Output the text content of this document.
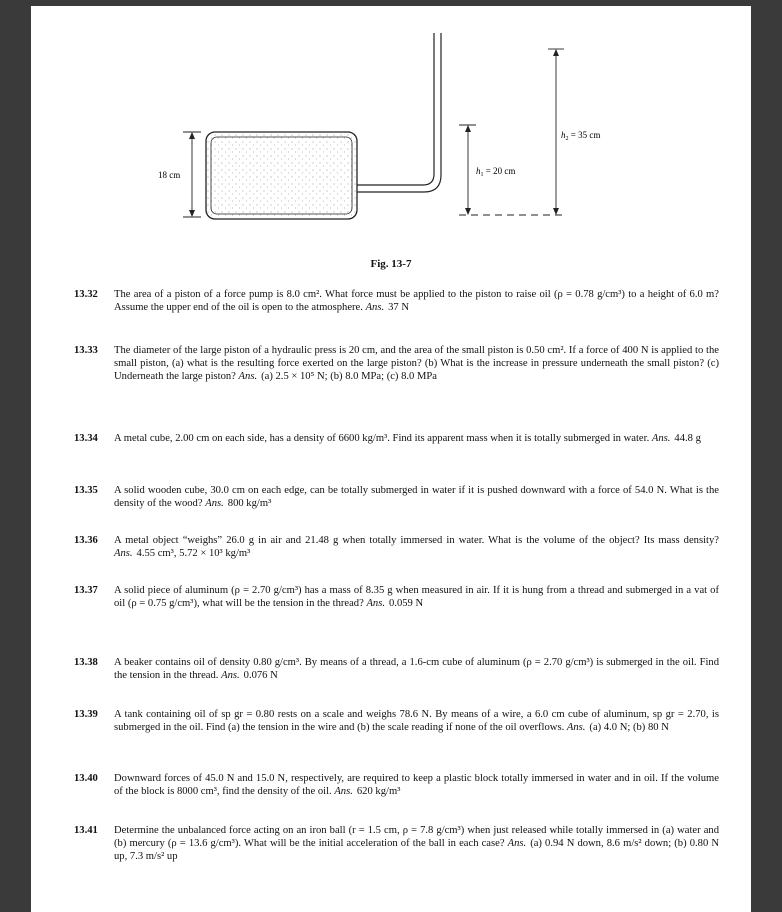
18 cm	$h_1 = 20$ cm
$h_2 = 35$ cm
Fig. 13-7
13.32 The area of a piston of a force pump is 8.0 cm². What force must be applied to the piston to raise oil (ρ = 0.78 g/cm³) to a height of 6.0 m? Assume the upper end of the oil is open to the atmosphere. Ans. 37 N
13.33 The diameter of the large piston of a hydraulic press is 20 cm, and the area of the small piston is 0.50 cm². If a force of 400 N is applied to the small piston, (a) what is the resulting force exerted on the large piston? (b) What is the increase in pressure underneath the small piston? (c) Underneath the large piston? Ans. (a) 2.5 × 10⁵ N; (b) 8.0 MPa; (c) 8.0 MPa
13.34 A metal cube, 2.00 cm on each side, has a density of 6600 kg/m³. Find its apparent mass when it is totally submerged in water. Ans. 44.8 g
13.35 A solid wooden cube, 30.0 cm on each edge, can be totally submerged in water if it is pushed downward with a force of 54.0 N. What is the density of the wood? Ans. 800 kg/m³
13.36 A metal object “weighs” 26.0 g in air and 21.48 g when totally immersed in water. What is the volume of the object? Its mass density? Ans. 4.55 cm³, 5.72 × 10³ kg/m³
13.37 A solid piece of aluminum (ρ = 2.70 g/cm³) has a mass of 8.35 g when measured in air. If it is hung from a thread and submerged in a vat of oil (ρ = 0.75 g/cm³), what will be the tension in the thread? Ans. 0.059 N
13.38 A beaker contains oil of density 0.80 g/cm³. By means of a thread, a 1.6-cm cube of aluminum (ρ = 2.70 g/cm³) is submerged in the oil. Find the tension in the thread. Ans. 0.076 N
13.39 A tank containing oil of sp gr = 0.80 rests on a scale and weighs 78.6 N. By means of a wire, a 6.0 cm cube of aluminum, sp gr = 2.70, is submerged in the oil. Find (a) the tension in the wire and (b) the scale reading if none of the oil overflows. Ans. (a) 4.0 N; (b) 80 N
13.40 Downward forces of 45.0 N and 15.0 N, respectively, are required to keep a plastic block totally immersed in water and in oil. If the volume of the block is 8000 cm³, find the density of the oil. Ans. 620 kg/m³
13.41 Determine the unbalanced force acting on an iron ball (r = 1.5 cm, ρ = 7.8 g/cm³) when just released while totally immersed in (a) water and (b) mercury (ρ = 13.6 g/cm³). What will be the initial acceleration of the ball in each case? Ans. (a) 0.94 N down, 8.6 m/s² down; (b) 0.80 N up, 7.3 m/s² up
